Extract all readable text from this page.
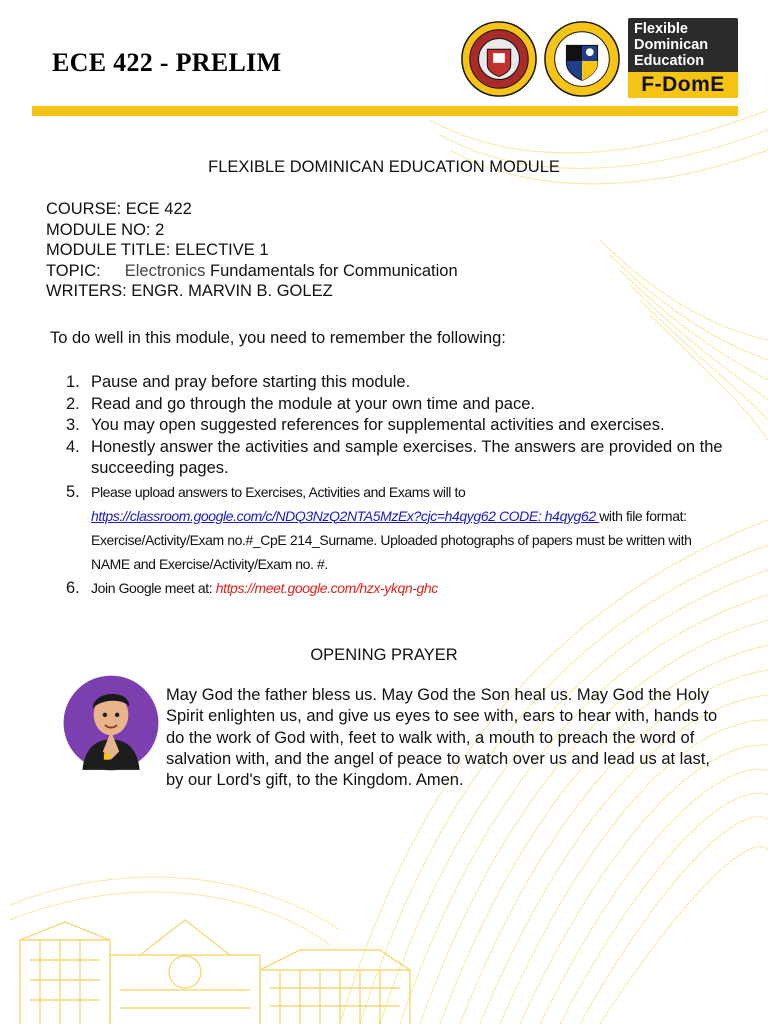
ECE 422 - PRELIM
Flexible
Dominican
Education
F-DomE
FLEXIBLE DOMINICAN EDUCATION MODULE
COURSE: ECE 422
MODULE NO: 2
MODULE TITLE: ELECTIVE 1
TOPIC: Electronics Fundamentals for Communication
WRITERS: ENGR. MARVIN B. GOLEZ
To do well in this module, you need to remember the following:
1. Pause and pray before starting this module.
2. Read and go through the module at your own time and pace.
3. You may open suggested references for supplemental activities and exercises.
4. Honestly answer the activities and sample exercises. The answers are provided on the succeeding pages.
5. Please upload answers to Exercises, Activities and Exams will to
https://classroom.google.com/c/NDQ3NzQ2NTA5MzEx?cjc=h4qyg62 CODE: h4qyg62 with file format: Exercise/Activity/Exam no.#_CpE 214_Surname. Uploaded photographs of papers must be written with NAME and Exercise/Activity/Exam no. #.
6. Join Google meet at: https://meet.google.com/hzx-ykqn-ghc
OPENING PRAYER
May God the father bless us. May God the Son heal us. May God the Holy Spirit enlighten us, and give us eyes to see with, ears to hear with, hands to do the work of God with, feet to walk with, a mouth to preach the word of salvation with, and the angel of peace to watch over us and lead us at last, by our Lord's gift, to the Kingdom. Amen.
